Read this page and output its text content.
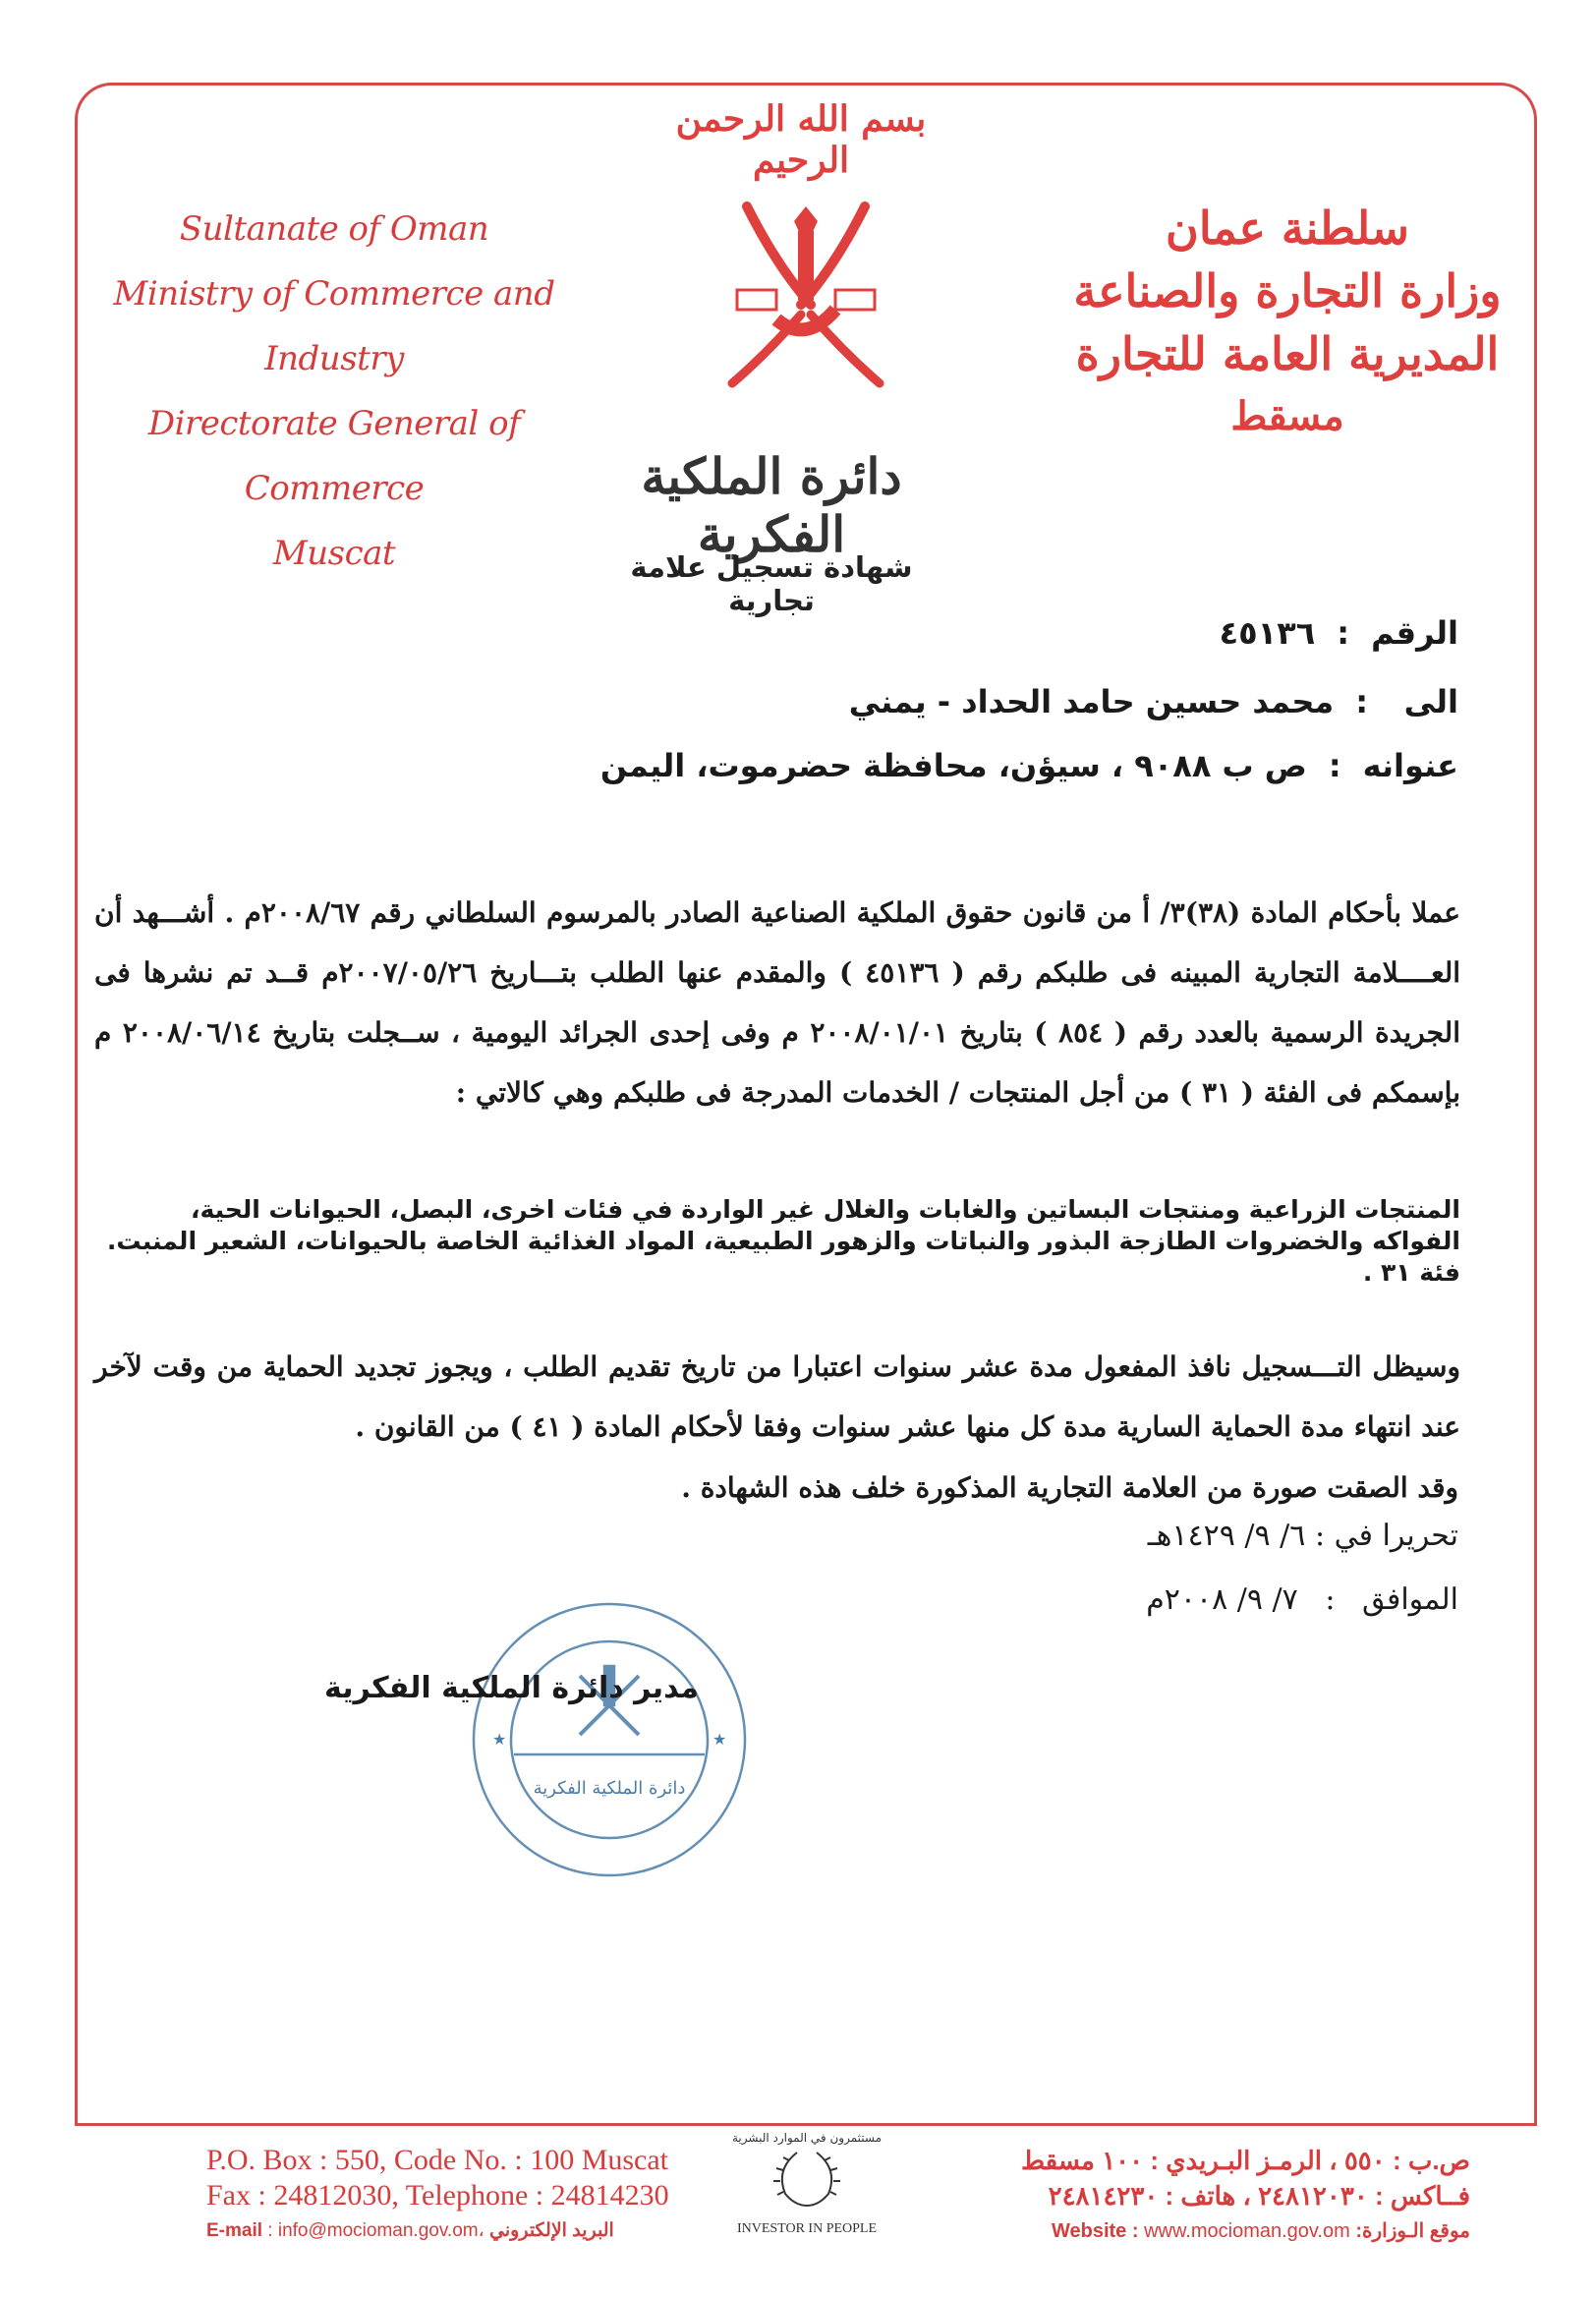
Sultanate of Oman
Ministry of Commerce and Industry
Directorate General of Commerce
Muscat
بسم الله الرحمن الرحيم
سلطنة عمان
وزارة التجارة والصناعة
المديرية العامة للتجارة
مسقط
دائرة الملكية الفكرية
شهادة تسجيل علامة تجارية
الرقم:٤٥١٣٦
الى:محمد حسين حامد الحداد - يمني
عنوانه:ص ب ٩٠٨٨ ، سيؤن، محافظة حضرموت، اليمن
عملا بأحكام المادة (٣٨)٣/ أ من قانون حقوق الملكية الصناعية الصادر بالمرسوم السلطاني رقم ٢٠٠٨/٦٧م . أشـــهد أن العــــلامة التجارية المبينه فى طلبكم رقم ( ٤٥١٣٦ ) والمقدم عنها الطلب بتـــاريخ ٢٠٠٧/٠٥/٢٦م قــد تم نشرها فى الجريدة الرسمية بالعدد رقم ( ٨٥٤ ) بتاريخ ٢٠٠٨/٠١/٠١ م وفى إحدى الجرائد اليومية ، ســجلت بتاريخ ٢٠٠٨/٠٦/١٤ م بإسمكم فى الفئة ( ٣١ ) من أجل المنتجات / الخدمات المدرجة فى طلبكم وهي كالاتي :
المنتجات الزراعية ومنتجات البساتين والغابات والغلال غير الواردة في فئات اخرى، البصل، الحيوانات الحية، الفواكه والخضروات الطازجة البذور والنباتات والزهور الطبيعية، المواد الغذائية الخاصة بالحيوانات، الشعير المنبت. فئة ٣١ .
وسيظل التـــسجيل نافذ المفعول مدة عشر سنوات اعتبارا من تاريخ تقديم الطلب ، ويجوز تجديد الحماية من وقت لآخر عند انتهاء مدة الحماية السارية مدة كل منها عشر سنوات وفقا لأحكام المادة ( ٤١ ) من القانون .
وقد الصقت صورة من العلامة التجارية المذكورة خلف هذه الشهادة .
تحريرا في : ٦/ ٩/ ١٤٢٩هـ
الموافق : ٧/ ٩/ ٢٠٠٨م
دائرة الملكية الفكرية
★	★
مدير دائرة الملكية الفكرية
P.O. Box : 550, Code No. : 100 Muscat
Fax : 24812030, Telephone : 24814230
E-mail : info@mocioman.gov.om، البريد الإلكتروني
مستثمرون في الموارد البشرية
INVESTOR IN PEOPLE
ص.ب : ٥٥٠ ، الرمـز البـريدي : ١٠٠ مسقط
فــاكس : ٢٤٨١٢٠٣٠ ، هاتف : ٢٤٨١٤٢٣٠
موقع الـوزارة: www.mocioman.gov.om : Website
